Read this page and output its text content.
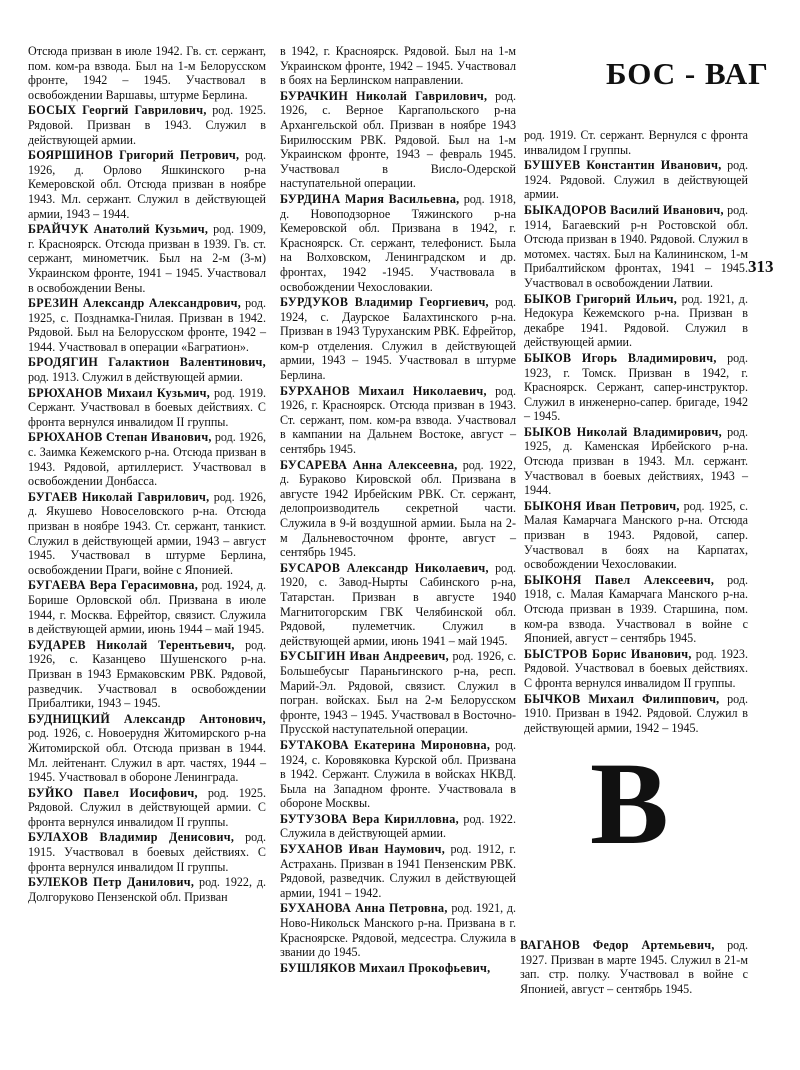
БОС - ВАГ
313
В
Отсюда призван в июле 1942. Гв. ст. сержант, пом. ком-ра взвода. Был на 1-м Белорусском фронте, 1942 – 1945. Участвовал в освобождении Варшавы, штурме Берлина.
БОСЫХ Георгий Гаврилович, род. 1925. Рядовой. Призван в 1943. Служил в действующей армии.
БОЯРШИНОВ Григорий Петрович, род. 1926, д. Орлово Яшкинского р-на Кемеровской обл. Отсюда призван в ноябре 1943. Мл. сержант. Служил в действующей армии, 1943 – 1944.
БРАЙЧУК Анатолий Кузьмич, род. 1909, г. Красноярск. Отсюда призван в 1939. Гв. ст. сержант, минометчик. Был на 2-м (3-м) Украинском фронте, 1941 – 1945. Участвовал в освобождении Вены.
БРЕЗИН Александр Александрович, род. 1925, с. Позднамка-Гнилая. Призван в 1942. Рядовой. Был на Белорусском фронте, 1942 – 1944. Участвовал в операции «Багратион».
БРОДЯГИН Галактион Валентинович, род. 1913. Служил в действующей армии.
БРЮХАНОВ Михаил Кузьмич, род. 1919. Сержант. Участвовал в боевых действиях. С фронта вернулся инвалидом II группы.
БРЮХАНОВ Степан Иванович, род. 1926, с. Заимка Кежемского р-на. Отсюда призван в 1943. Рядовой, артиллерист. Участвовал в освобождении Донбасса.
БУГАЕВ Николай Гаврилович, род. 1926, д. Якушево Новоселовского р-на. Отсюда призван в ноябре 1943. Ст. сержант, танкист. Служил в действующей армии, 1943 – август 1945. Участвовал в штурме Берлина, освобождении Праги, войне с Японией.
БУГАЕВА Вера Герасимовна, род. 1924, д. Борише Орловской обл. Призвана в июле 1944, г. Москва. Ефрейтор, связист. Служила в действующей армии, июнь 1944 – май 1945.
БУДАРЕВ Николай Терентьевич, род. 1926, с. Казанцево Шушенского р-на. Призван в 1943 Ермаковским РВК. Рядовой, разведчик. Участвовал в освобождении Прибалтики, 1943 – 1945.
БУДНИЦКИЙ Александр Антонович, род. 1926, с. Новоерудня Житомирского р-на Житомирской обл. Отсюда призван в 1944. Мл. лейтенант. Служил в арт. частях, 1944 – 1945. Участвовал в обороне Ленинграда.
БУЙКО Павел Иосифович, род. 1925. Рядовой. Служил в действующей армии. С фронта вернулся инвалидом II группы.
БУЛАХОВ Владимир Денисович, род. 1915. Участвовал в боевых действиях. С фронта вернулся инвалидом II группы.
БУЛЕКОВ Петр Данилович, род. 1922, д. Долгоруково Пензенской обл. Призван
в 1942, г. Красноярск. Рядовой. Был на 1-м Украинском фронте, 1942 – 1945. Участвовал в боях на Берлинском направлении.
БУРАЧКИН Николай Гаврилович, род. 1926, с. Верное Каргапольского р-на Архангельской обл. Призван в ноябре 1943 Бирилюсским РВК. Рядовой. Был на 1-м Украинском фронте, 1943 – февраль 1945. Участвовал в Висло-Одерской наступательной операции.
БУРДИНА Мария Васильевна, род. 1918, д. Новоподзорное Тяжинского р-на Кемеровской обл. Призвана в 1942, г. Красноярск. Ст. сержант, телефонист. Была на Волховском, Ленинградском и др. фронтах, 1942 -1945. Участвовала в освобождении Чехословакии.
БУРДУКОВ Владимир Георгиевич, род. 1924, с. Даурское Балахтинского р-на. Призван в 1943 Туруханским РВК. Ефрейтор, ком-р отделения. Служил в действующей армии, 1943 – 1945. Участвовал в штурме Берлина.
БУРХАНОВ Михаил Николаевич, род. 1926, г. Красноярск. Отсюда призван в 1943. Ст. сержант, пом. ком-ра взвода. Участвовал в кампании на Дальнем Востоке, август – сентябрь 1945.
БУСАРЕВА Анна Алексеевна, род. 1922, д. Бураково Кировской обл. Призвана в августе 1942 Ирбейским РВК. Ст. сержант, делопроизводитель секретной части. Служила в 9-й воздушной армии. Была на 2-м Дальневосточном фронте, август – сентябрь 1945.
БУСАРОВ Александр Николаевич, род. 1920, с. Завод-Нырты Сабинского р-на, Татарстан. Призван в августе 1940 Магнитогорским ГВК Челябинской обл. Рядовой, пулеметчик. Служил в действующей армии, июнь 1941 – май 1945.
БУСЫГИН Иван Андреевич, род. 1926, с. Большебусыг Параньгинского р-на, респ. Марий-Эл. Рядовой, связист. Служил в погран. войсках. Был на 2-м Белорусском фронте, 1943 – 1945. Участвовал в Восточно-Прусской наступательной операции.
БУТАКОВА Екатерина Мироновна, род. 1924, с. Коровяковка Курской обл. Призвана в 1942. Сержант. Служила в войсках НКВД. Была на Западном фронте. Участвовала в обороне Москвы.
БУТУЗОВА Вера Кирилловна, род. 1922. Служила в действующей армии.
БУХАНОВ Иван Наумович, род. 1912, г. Астрахань. Призван в 1941 Пензенским РВК. Рядовой, разведчик. Служил в действующей армии, 1941 – 1942.
БУХАНОВА Анна Петровна, род. 1921, д. Ново-Никольск Манского р-на. Призвана в г. Красноярске. Рядовой, медсестра. Служила в звании до 1945.
БУШЛЯКОВ Михаил Прокофьевич,
род. 1919. Ст. сержант. Вернулся с фронта инвалидом I группы.
БУШУЕВ Константин Иванович, род. 1924. Рядовой. Служил в действующей армии.
БЫКАДОРОВ Василий Иванович, род. 1914, Багаевский р-н Ростовской обл. Отсюда призван в 1940. Рядовой. Служил в мотомех. частях. Был на Калининском, 1-м Прибалтийском фронтах, 1941 – 1945. Участвовал в освобождении Латвии.
БЫКОВ Григорий Ильич, род. 1921, д. Недокура Кежемского р-на. Призван в декабре 1941. Рядовой. Служил в действующей армии.
БЫКОВ Игорь Владимирович, род. 1923, г. Томск. Призван в 1942, г. Красноярск. Сержант, сапер-инструктор. Служил в инженерно-сапер. бригаде, 1942 – 1945.
БЫКОВ Николай Владимирович, род. 1925, д. Каменская Ирбейского р-на. Отсюда призван в 1943. Мл. сержант. Участвовал в боевых действиях, 1943 – 1944.
БЫКОНЯ Иван Петрович, род. 1925, с. Малая Камарчага Манского р-на. Отсюда призван в 1943. Рядовой, сапер. Участвовал в боях на Карпатах, освобождении Чехословакии.
БЫКОНЯ Павел Алексеевич, род. 1918, с. Малая Камарчага Манского р-на. Отсюда призван в 1939. Старшина, пом. ком-ра взвода. Участвовал в войне с Японией, август – сентябрь 1945.
БЫСТРОВ Борис Иванович, род. 1923. Рядовой. Участвовал в боевых действиях. С фронта вернулся инвалидом II группы.
БЫЧКОВ Михаил Филиппович, род. 1910. Призван в 1942. Рядовой. Служил в действующей армии, 1942 – 1945.
ВАГАНОВ Федор Артемьевич, род. 1927. Призван в марте 1945. Служил в 21-м зап. стр. полку. Участвовал в войне с Японией, август – сентябрь 1945.
